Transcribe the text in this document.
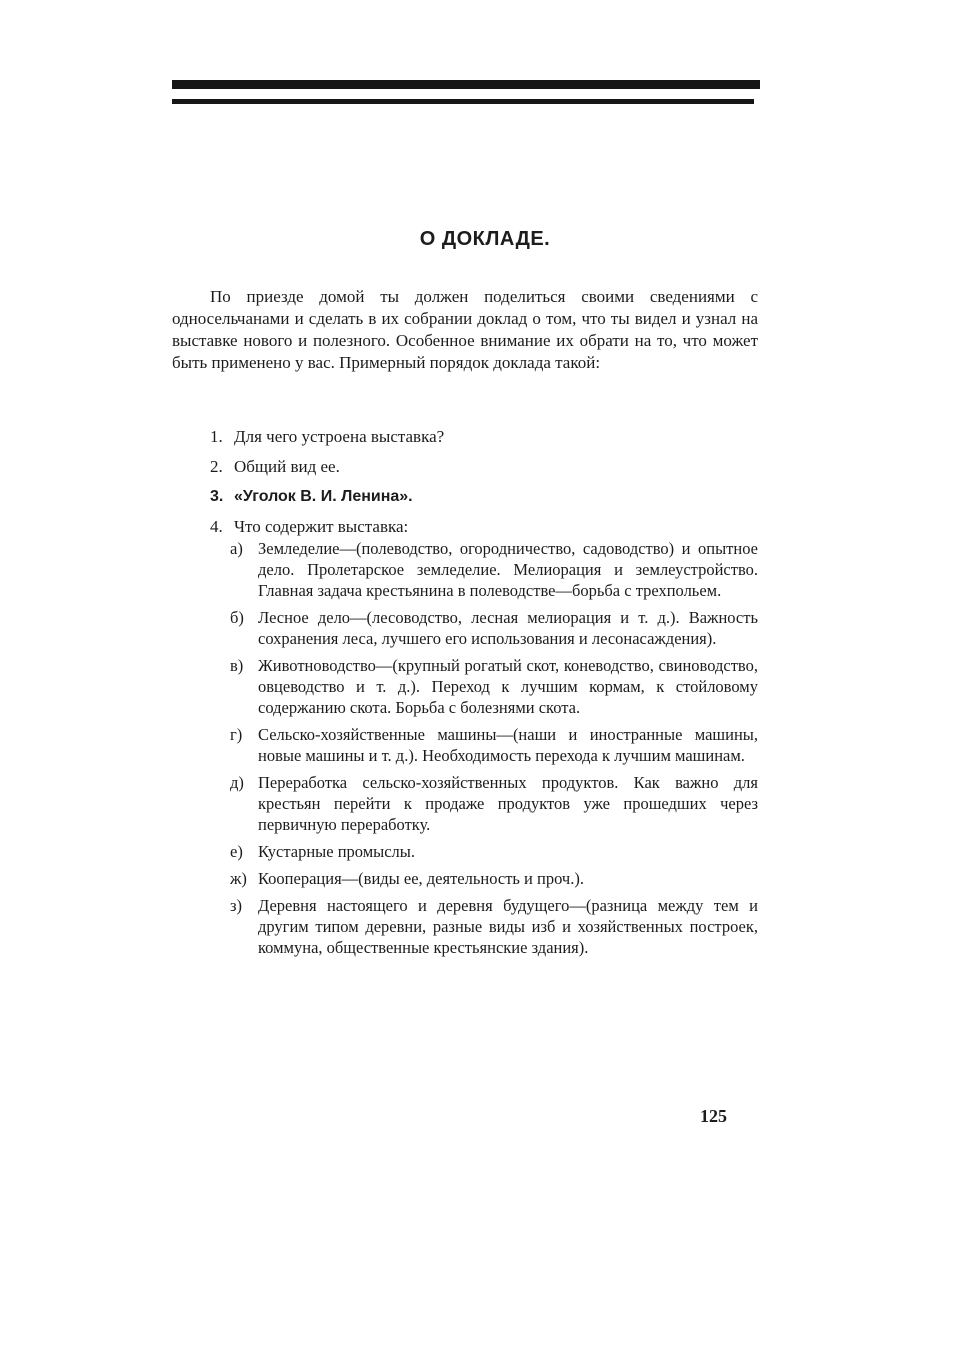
О ДОКЛАДЕ.

По приезде домой ты должен поделиться своими сведениями с односельчанами и сделать в их собрании доклад о том, что ты видел и узнал на выставке нового и полезного. Особенное внимание их обрати на то, что может быть применено у вас. Примерный порядок доклада такой:

1. Для чего устроена выставка?
2. Общий вид ее.
3. «Уголок В. И. Ленина».
4. Что содержит выставка:
а) Земледелие—(полеводство, огородничество, садоводство) и опытное дело. Пролетарское земледелие. Мелиорация и землеустройство. Главная задача крестьянина в полеводстве—борьба с трехпольем.
б) Лесное дело—(лесоводство, лесная мелиорация и т. д.). Важность сохранения леса, лучшего его использования и лесонасаждения).
в) Животноводство—(крупный рогатый скот, коневодство, свиноводство, овцеводство и т. д.). Переход к лучшим кормам, к стойловому содержанию скота. Борьба с болезнями скота.
г) Сельско-хозяйственные машины—(наши и иностранные машины, новые машины и т. д.). Необходимость перехода к лучшим машинам.
д) Переработка сельско-хозяйственных продуктов. Как важно для крестьян перейти к продаже продуктов уже прошедших через первичную переработку.
е) Кустарные промыслы.
ж) Кооперация—(виды ее, деятельность и проч.).
з) Деревня настоящего и деревня будущего—(разница между тем и другим типом деревни, разные виды изб и хозяйственных построек, коммуна, общественные крестьянские здания).
125
